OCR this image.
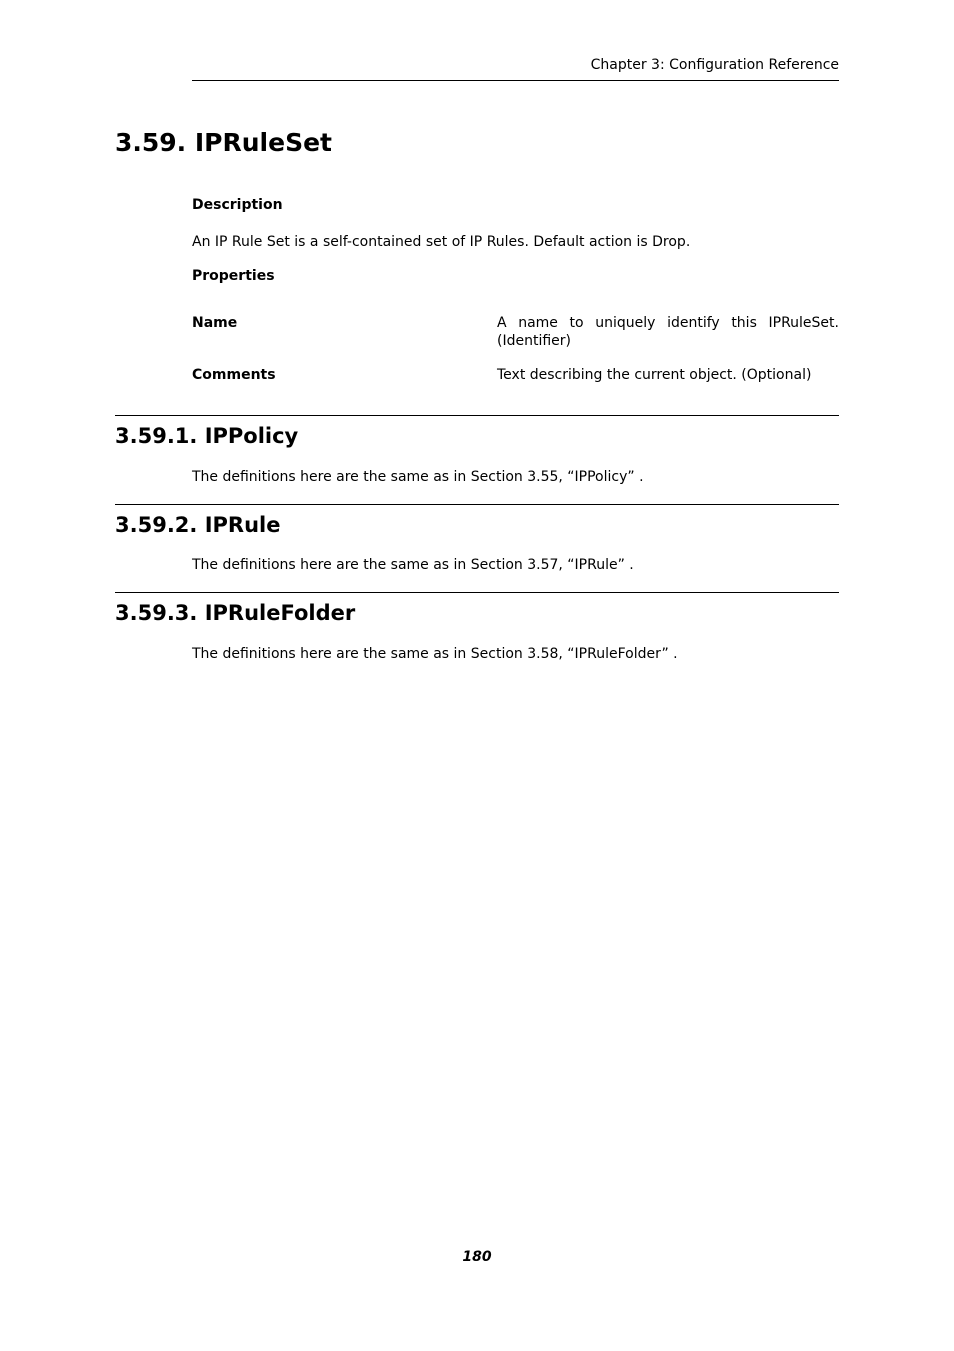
Chapter 3: Configuration Reference
3.59. IPRuleSet
Description
An IP Rule Set is a self-contained set of IP Rules. Default action is Drop.
Properties
Name	A name to uniquely identify this IPRuleSet. (Identifier)
Comments	Text describing the current object. (Optional)
3.59.1. IPPolicy
The definitions here are the same as in Section 3.55, “IPPolicy” .
3.59.2. IPRule
The definitions here are the same as in Section 3.57, “IPRule” .
3.59.3. IPRuleFolder
The definitions here are the same as in Section 3.58, “IPRuleFolder” .
180
